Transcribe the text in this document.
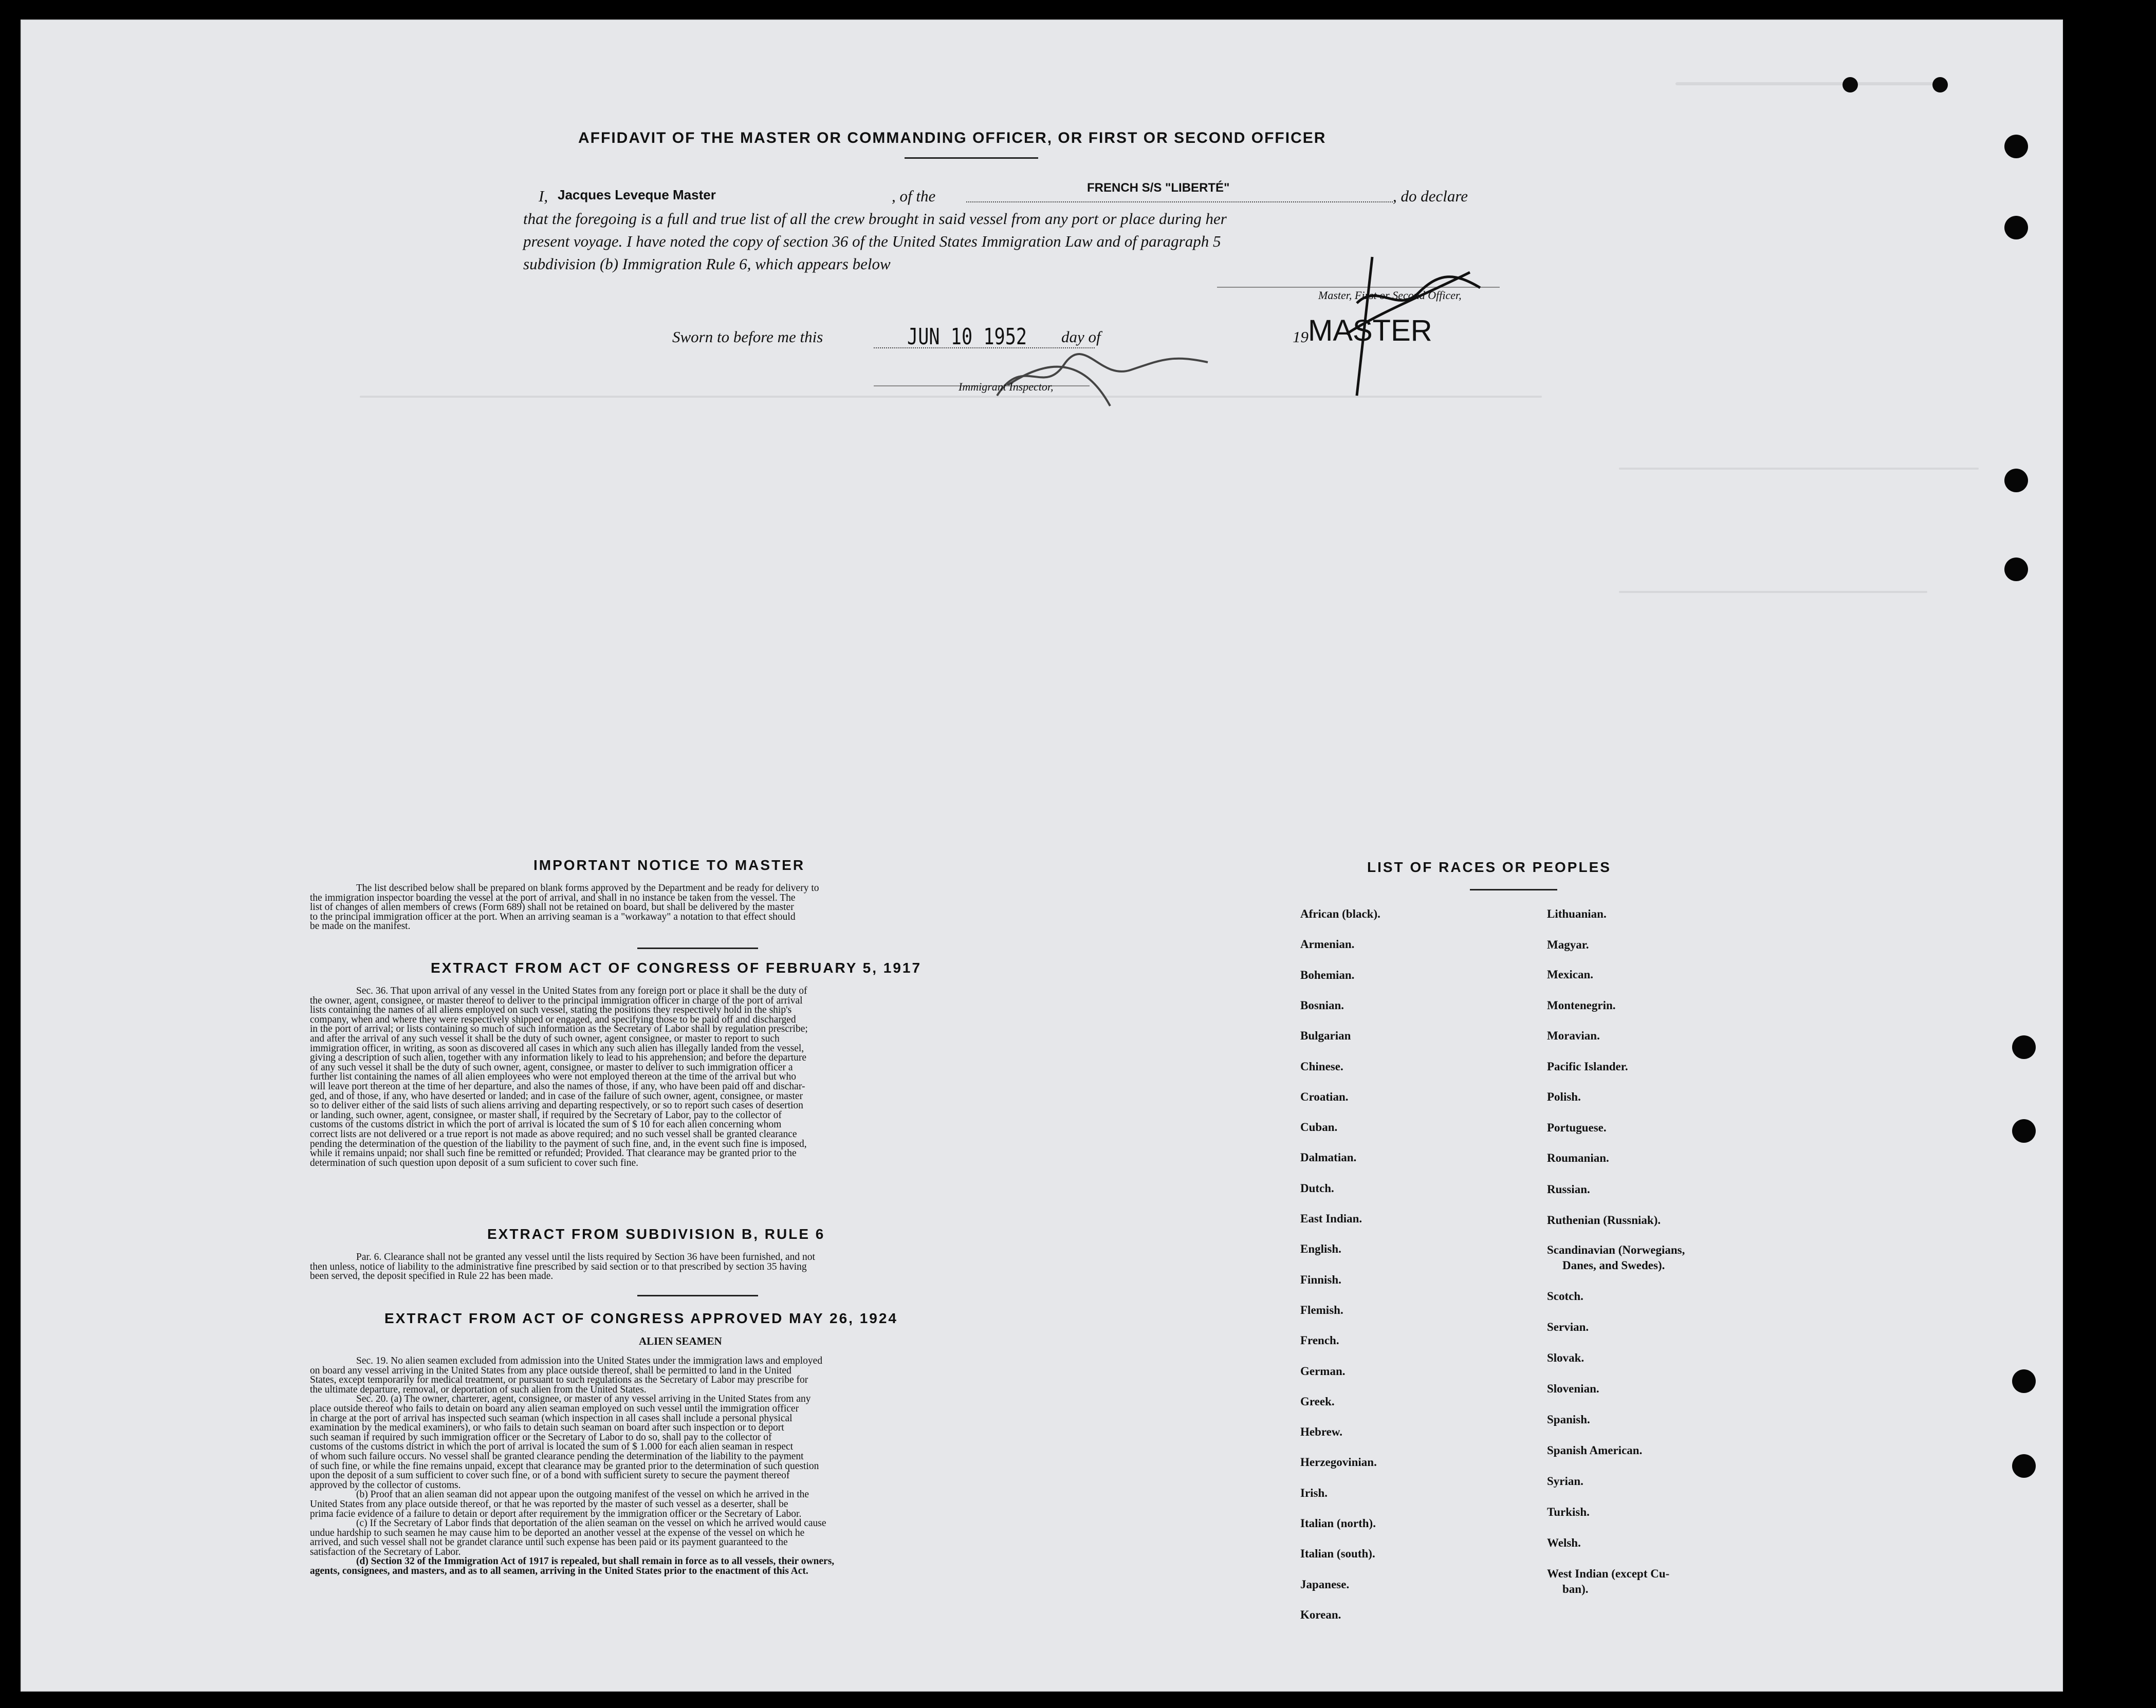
AFFIDAVIT OF THE MASTER OR COMMANDING OFFICER, OR FIRST OR SECOND OFFICER
I, Jacques Leveque Master	, of the	FRENCH S/S "LIBERTÉ"	, do declare
that the foregoing is a full and true list of all the crew brought in said vessel from any port or place during her
present voyage. I have noted the copy of section 36 of the United States Immigration Law and of paragraph 5
subdivision (b) Immigration Rule 6, which appears below
Master, First or Second Officer,
Sworn to before me this	JUN 10 1952 day of	19 MASTER
Immigrant Inspector,
IMPORTANT NOTICE TO MASTER
The list described below shall be prepared on blank forms approved by the Department and be ready for delivery to
the immigration inspector boarding the vessel at the port of arrival, and shall in no instance be taken from the vessel. The
list of changes of alien members of crews (Form 689) shall not be retained on board, but shall be delivered by the master
to the principal immigration officer at the port. When an arriving seaman is a "workaway" a notation to that effect should
be made on the manifest.
EXTRACT FROM ACT OF CONGRESS OF FEBRUARY 5, 1917
Sec. 36. That upon arrival of any vessel in the United States from any foreign port or place it shall be the duty of
the owner, agent, consignee, or master thereof to deliver to the principal immigration officer in charge of the port of arrival
lists containing the names of all aliens employed on such vessel, stating the positions they respectively hold in the ship's
company, when and where they were respectively shipped or engaged, and specifying those to be paid off and discharged
in the port of arrival; or lists containing so much of such information as the Secretary of Labor shall by regulation prescribe;
and after the arrival of any such vessel it shall be the duty of such owner, agent consignee, or master to report to such
immigration officer, in writing, as soon as discovered all cases in which any such alien has illegally landed from the vessel,
giving a description of such alien, together with any information likely to lead to his apprehension; and before the departure
of any such vessel it shall be the duty of such owner, agent, consignee, or master to deliver to such immigration officer a
further list containing the names of all alien employees who were not employed thereon at the time of the arrival but who
will leave port thereon at the time of her departure, and also the names of those, if any, who have been paid off and dischar-
ged, and of those, if any, who have deserted or landed; and in case of the failure of such owner, agent, consignee, or master
so to deliver either of the said lists of such aliens arriving and departing respectively, or so to report such cases of desertion
or landing, such owner, agent, consignee, or master shall, if required by the Secretary of Labor, pay to the collector of
customs of the customs district in which the port of arrival is located the sum of $ 10 for each alien concerning whom
correct lists are not delivered or a true report is not made as above required; and no such vessel shall be granted clearance
pending the determination of the question of the liability to the payment of such fine, and, in the event such fine is imposed,
while it remains unpaid; nor shall such fine be remitted or refunded; Provided. That clearance may be granted prior to the
determination of such question upon deposit of a sum suficient to cover such fine.
EXTRACT FROM SUBDIVISION B, RULE 6
Par. 6. Clearance shall not be granted any vessel until the lists required by Section 36 have been furnished, and not
then unless, notice of liability to the administrative fine prescribed by said section or to that prescribed by section 35 having
been served, the deposit specified in Rule 22 has been made.
EXTRACT FROM ACT OF CONGRESS APPROVED MAY 26, 1924
ALIEN SEAMEN
Sec. 19. No alien seamen excluded from admission into the United States under the immigration laws and employed
on board any vessel arriving in the United States from any place outside thereof, shall be permitted to land in the United
States, except temporarily for medical treatment, or pursuant to such regulations as the Secretary of Labor may prescribe for
the ultimate departure, removal, or deportation of such alien from the United States.
Sec. 20. (a) The owner, charterer, agent, consignee, or master of any vessel arriving in the United States from any
place outside thereof who fails to detain on board any alien seaman employed on such vessel until the immigration officer
in charge at the port of arrival has inspected such seaman (which inspection in all cases shall include a personal physical
examination by the medical examiners), or who fails to detain such seaman on board after such inspection or to deport
such seaman if required by such immigration officer or the Secretary of Labor to do so, shall pay to the collector of
customs of the customs district in which the port of arrival is located the sum of $ 1.000 for each alien seaman in respect
of whom such failure occurs. No vessel shall be granted clearance pending the determination of the liability to the payment
of such fine, or while the fine remains unpaid, except that clearance may be granted prior to the determination of such question
upon the deposit of a sum sufficient to cover such fine, or of a bond with sufficient surety to secure the payment thereof
approved by the collector of customs.
(b) Proof that an alien seaman did not appear upon the outgoing manifest of the vessel on which he arrived in the
United States from any place outside thereof, or that he was reported by the master of such vessel as a deserter, shall be
prima facie evidence of a failure to detain or deport after requirement by the immigration officer or the Secretary of Labor.
(c) If the Secretary of Labor finds that deportation of the alien seaman on the vessel on which he arrived would cause
undue hardship to such seamen he may cause him to be deported an another vessel at the expense of the vessel on which he
arrived, and such vessel shall not be grandet clarance until such expense has been paid or its payment guaranteed to the
satisfaction of the Secretary of Labor.
(d) Section 32 of the Immigration Act of 1917 is repealed, but shall remain in force as to all vessels, their owners,
agents, consignees, and masters, and as to all seamen, arriving in the United States prior to the enactment of this Act.
LIST OF RACES OR PEOPLES
African (black).
Armenian.
Bohemian.
Bosnian.
Bulgarian
Chinese.
Croatian.
Cuban.
Dalmatian.
Dutch.
East Indian.
English.
Finnish.
Flemish.
French.
German.
Greek.
Hebrew.
Herzegovinian.
Irish.
Italian (north).
Italian (south).
Japanese.
Korean.
Lithuanian.
Magyar.
Mexican.
Montenegrin.
Moravian.
Pacific Islander.
Polish.
Portuguese.
Roumanian.
Russian.
Ruthenian (Russniak).
Scandinavian (Norwegians,
Danes, and Swedes).
Scotch.
Servian.
Slovak.
Slovenian.
Spanish.
Spanish American.
Syrian.
Turkish.
Welsh.
West Indian (except Cu-
ban).
